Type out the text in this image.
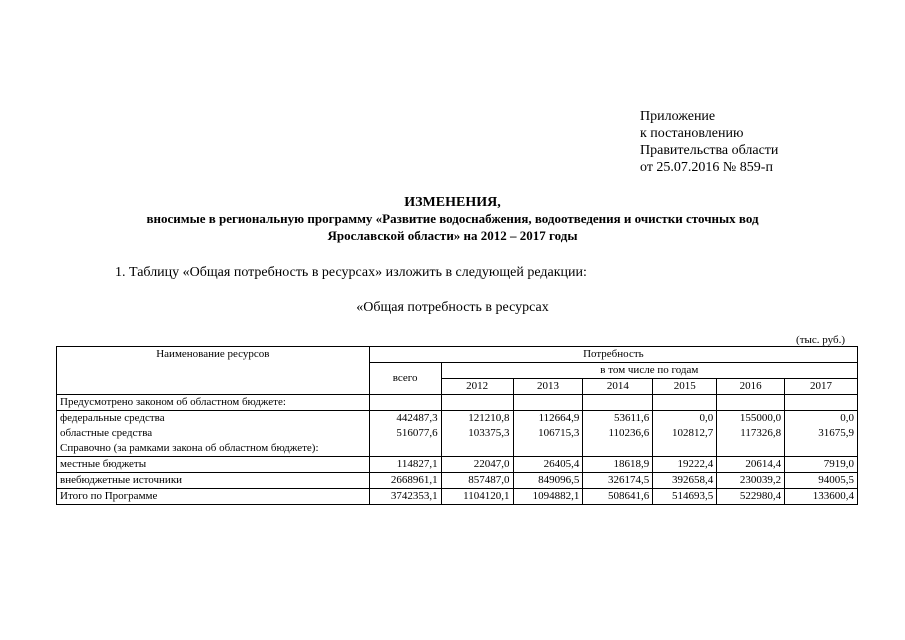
Приложение
к постановлению
Правительства области
от 25.07.2016 № 859-п
ИЗМЕНЕНИЯ,
вносимые в региональную программу «Развитие водоснабжения, водоотведения и очистки сточных вод
Ярославской области» на 2012 – 2017 годы
1. Таблицу «Общая потребность в ресурсах» изложить в следующей редакции:
«Общая потребность в ресурсах
(тыс. руб.)
Наименование ресурсов	Потребность						
	всего	в том числе по годам					
		2012	2013	2014	2015	2016	2017
Предусмотрено законом об областном бюджете:							
федеральные средства	442487,3	121210,8	112664,9	53611,6	0,0	155000,0	0,0
областные средства	516077,6	103375,3	106715,3	110236,6	102812,7	117326,8	31675,9
Справочно (за рамками закона об областном бюджете):							
местные бюджеты	114827,1	22047,0	26405,4	18618,9	19222,4	20614,4	7919,0
внебюджетные источники	2668961,1	857487,0	849096,5	326174,5	392658,4	230039,2	94005,5
Итого по Программе	3742353,1	1104120,1	1094882,1	508641,6	514693,5	522980,4	133600,4
